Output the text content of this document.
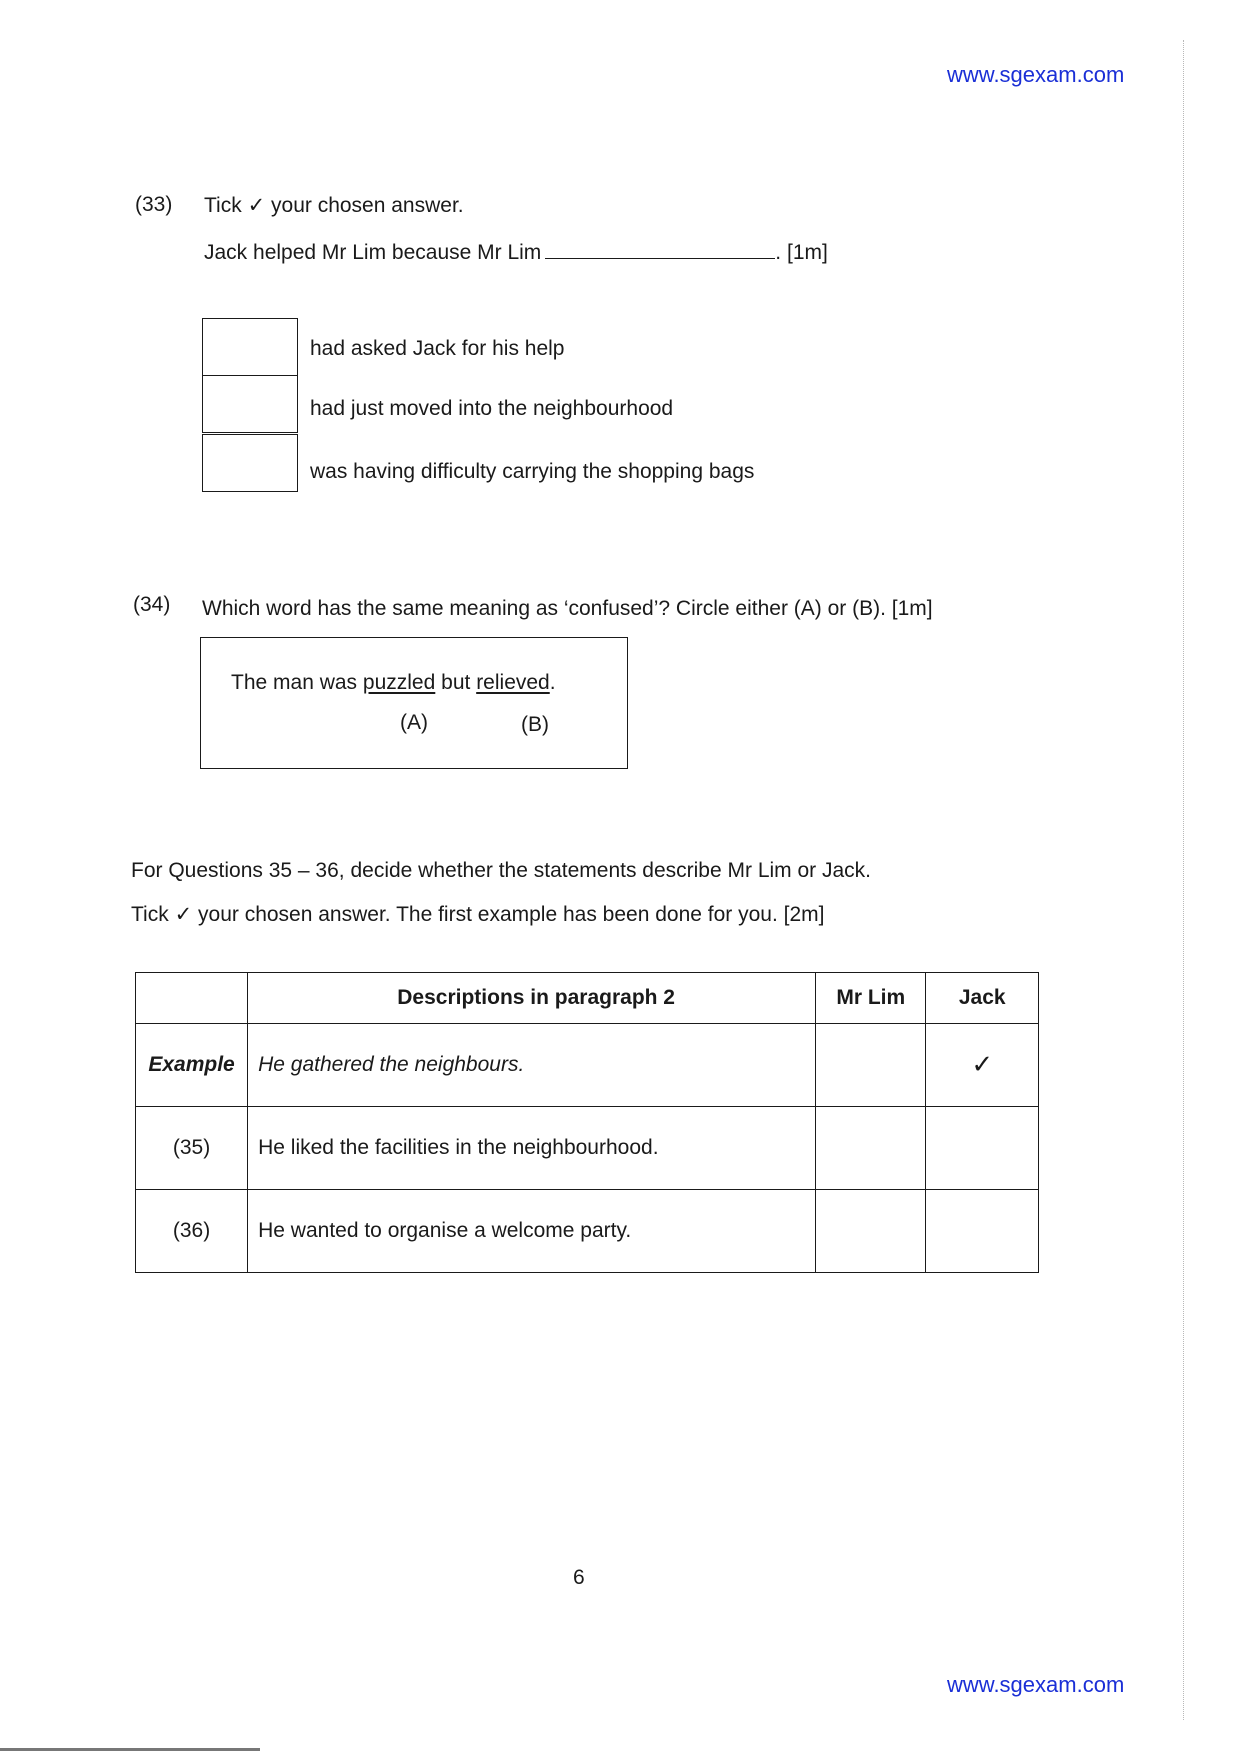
www.sgexam.com
(33) Tick ✓ your chosen answer.
Jack helped Mr Lim because Mr Lim	. [1m]
had asked Jack for his help
had just moved into the neighbourhood
was having difficulty carrying the shopping bags
(34) Which word has the same meaning as ‘confused’? Circle either (A) or (B). [1m]
The man was puzzled but relieved.
(A)	(B)
For Questions 35 – 36, decide whether the statements describe Mr Lim or Jack.
Tick ✓ your chosen answer. The first example has been done for you. [2m]
	Descriptions in paragraph 2	Mr Lim	Jack
Example	He gathered the neighbours.		✓
(35)	He liked the facilities in the neighbourhood.		
(36)	He wanted to organise a welcome party.		
6
www.sgexam.com
